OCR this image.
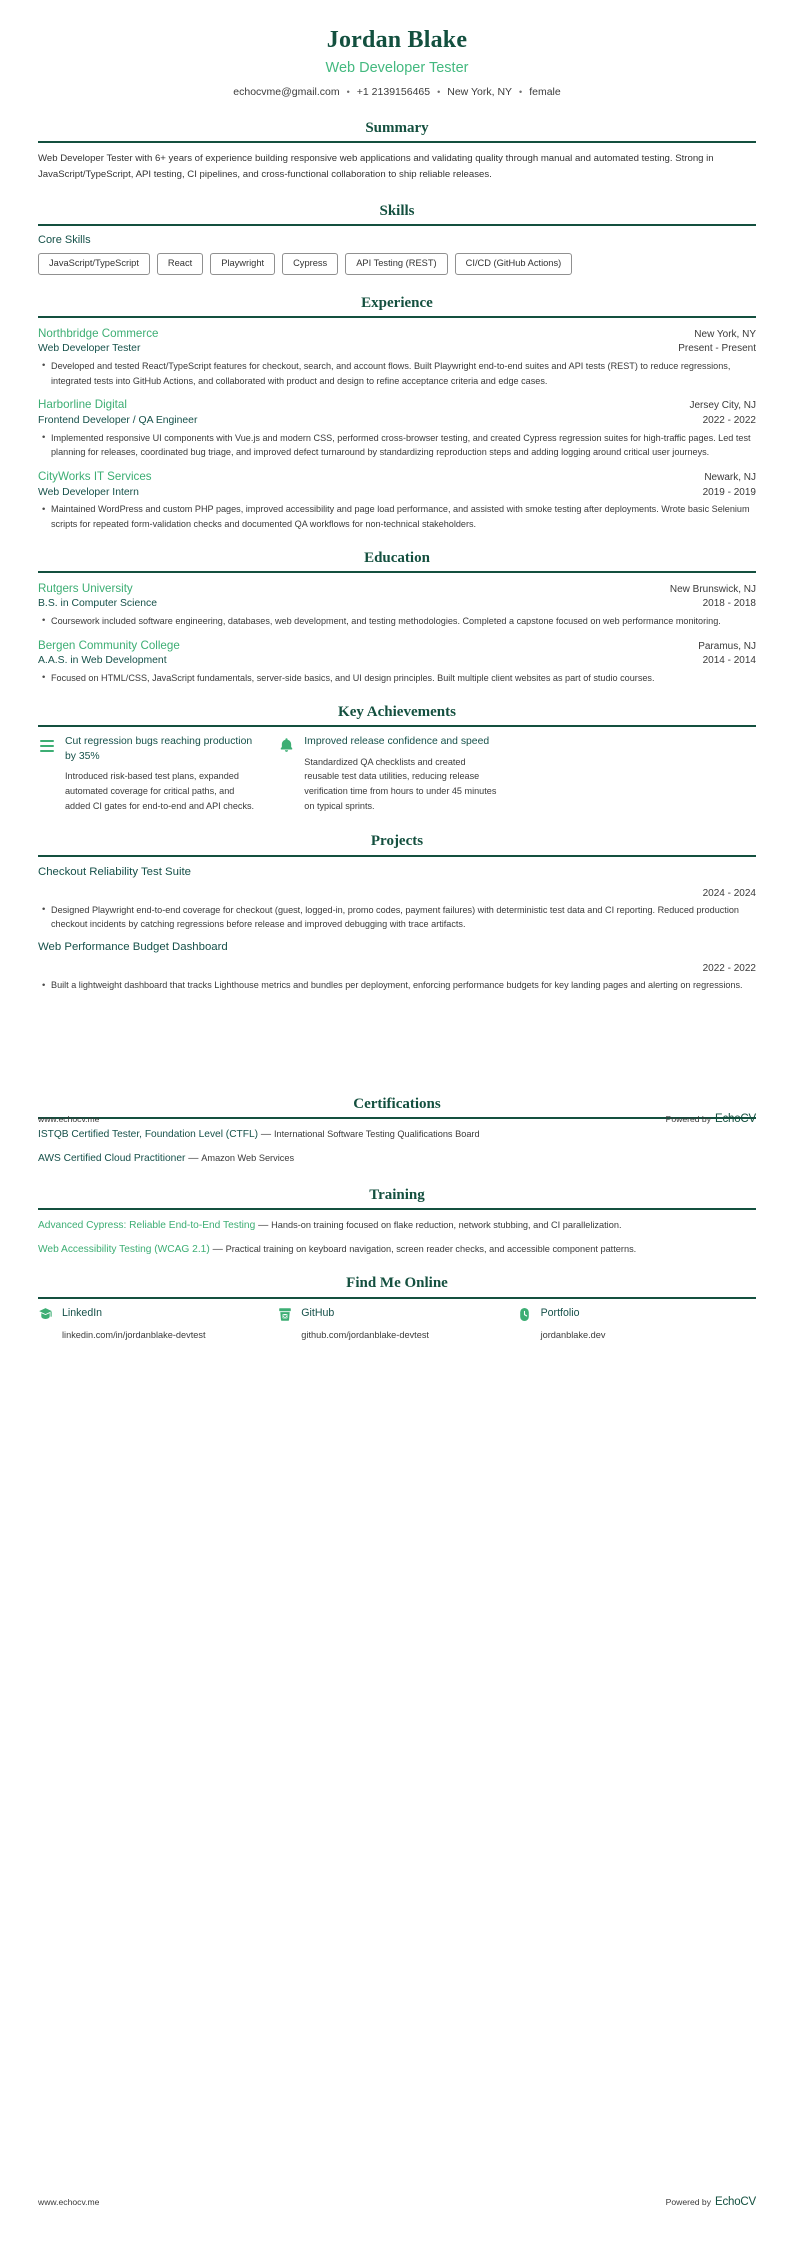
Jordan Blake
Web Developer Tester
echocvme@gmail.com • +1 2139156465 • New York, NY • female
Summary
Web Developer Tester with 6+ years of experience building responsive web applications and validating quality through manual and automated testing. Strong in JavaScript/TypeScript, API testing, CI pipelines, and cross-functional collaboration to ship reliable releases.
Skills
Core Skills
JavaScript/TypeScript	React	Playwright	Cypress	API Testing (REST)	CI/CD (GitHub Actions)
Experience
Northbridge Commerce	New York, NY
Web Developer Tester	Present - Present
• Developed and tested React/TypeScript features for checkout, search, and account flows. Built Playwright end-to-end suites and API tests (REST) to reduce regressions, integrated tests into GitHub Actions, and collaborated with product and design to refine acceptance criteria and edge cases.
Harborline Digital	Jersey City, NJ
Frontend Developer / QA Engineer	2022 - 2022
• Implemented responsive UI components with Vue.js and modern CSS, performed cross-browser testing, and created Cypress regression suites for high-traffic pages. Led test planning for releases, coordinated bug triage, and improved defect turnaround by standardizing reproduction steps and adding logging around critical user journeys.
CityWorks IT Services	Newark, NJ
Web Developer Intern	2019 - 2019
• Maintained WordPress and custom PHP pages, improved accessibility and page load performance, and assisted with smoke testing after deployments. Wrote basic Selenium scripts for repeated form-validation checks and documented QA workflows for non-technical stakeholders.
Education
Rutgers University	New Brunswick, NJ
B.S. in Computer Science	2018 - 2018
• Coursework included software engineering, databases, web development, and testing methodologies. Completed a capstone focused on web performance monitoring.
Bergen Community College	Paramus, NJ
A.A.S. in Web Development	2014 - 2014
• Focused on HTML/CSS, JavaScript fundamentals, server-side basics, and UI design principles. Built multiple client websites as part of studio courses.
Key Achievements
Cut regression bugs reaching production by 35%
Introduced risk-based test plans, expanded automated coverage for critical paths, and added CI gates for end-to-end and API checks.
Improved release confidence and speed
Standardized QA checklists and created reusable test data utilities, reducing release verification time from hours to under 45 minutes on typical sprints.
Projects
Checkout Reliability Test Suite
2024 - 2024
• Designed Playwright end-to-end coverage for checkout (guest, logged-in, promo codes, payment failures) with deterministic test data and CI reporting. Reduced production checkout incidents by catching regressions before release and improved debugging with trace artifacts.
Web Performance Budget Dashboard
2022 - 2022
• Built a lightweight dashboard that tracks Lighthouse metrics and bundles per deployment, enforcing performance budgets for key landing pages and alerting on regressions.
Certifications
ISTQB Certified Tester, Foundation Level (CTFL) — International Software Testing Qualifications Board
AWS Certified Cloud Practitioner — Amazon Web Services
Training
Advanced Cypress: Reliable End-to-End Testing — Hands-on training focused on flake reduction, network stubbing, and CI parallelization.
Web Accessibility Testing (WCAG 2.1) — Practical training on keyboard navigation, screen reader checks, and accessible component patterns.
Find Me Online
LinkedIn
linkedin.com/in/jordanblake-devtest
GitHub
github.com/jordanblake-devtest
Portfolio
jordanblake.dev
www.echocv.me	Powered by EchoCV
www.echocv.me	Powered by EchoCV
